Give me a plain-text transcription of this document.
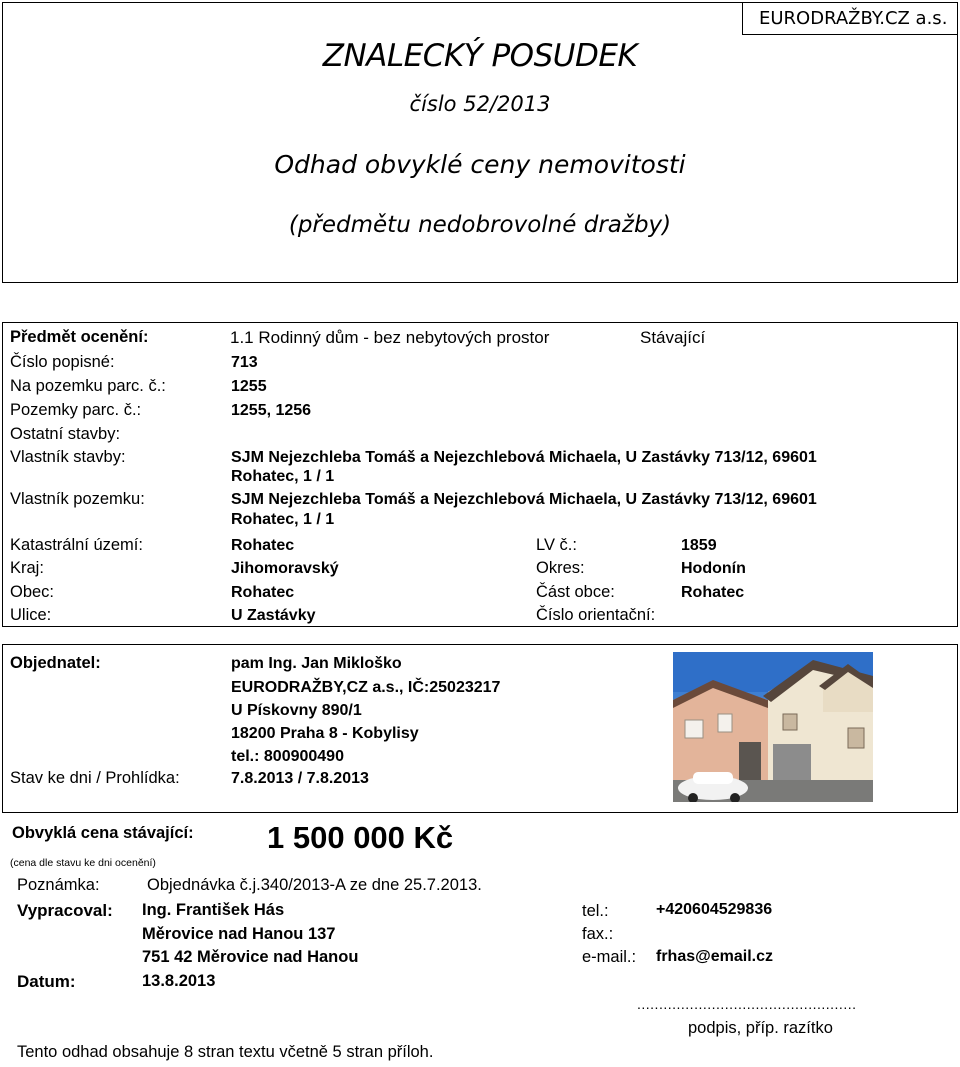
EURODRAŽBY.CZ a.s.
ZNALECKÝ POSUDEK
číslo 52/2013
Odhad obvyklé ceny nemovitosti
(předmětu nedobrovolné dražby)
Předmět ocenění:	1.1 Rodinný dům - bez nebytových prostor	Stávající
Číslo popisné:	713
Na pozemku parc. č.:	1255
Pozemky parc. č.:	1255, 1256
Ostatní stavby:
Vlastník stavby:	SJM Nejezchleba Tomáš a Nejezchlebová Michaela, U Zastávky 713/12, 69601
Rohatec, 1 / 1
Vlastník pozemku:	SJM Nejezchleba Tomáš a Nejezchlebová Michaela, U Zastávky 713/12, 69601
Rohatec, 1 / 1
Katastrální území:	Rohatec	LV č.:	1859
Kraj:	Jihomoravský	Okres:	Hodonín
Obec:	Rohatec	Část obce:	Rohatec
Ulice:	U Zastávky	Číslo orientační:
Objednatel:	pam Ing. Jan Mikloško
EURODRAŽBY,CZ a.s., IČ:25023217
U Pískovny 890/1
18200 Praha 8 - Kobylisy
tel.: 800900490
Stav ke dni / Prohlídka:	7.8.2013 / 7.8.2013
Obvyklá cena stávající: 1 500 000 Kč
(cena dle stavu ke dni ocenění)
Poznámka:	Objednávka č.j.340/2013-A ze dne 25.7.2013.
Vypracoval: Ing. František Hás
Měrovice nad Hanou 137
751 42 Měrovice nad Hanou
tel.:	+420604529836
fax.:
e-mail.: frhas@email.cz
Datum:	13.8.2013
..................................................
podpis, příp. razítko
Tento odhad obsahuje 8 stran textu včetně 5 stran příloh.
